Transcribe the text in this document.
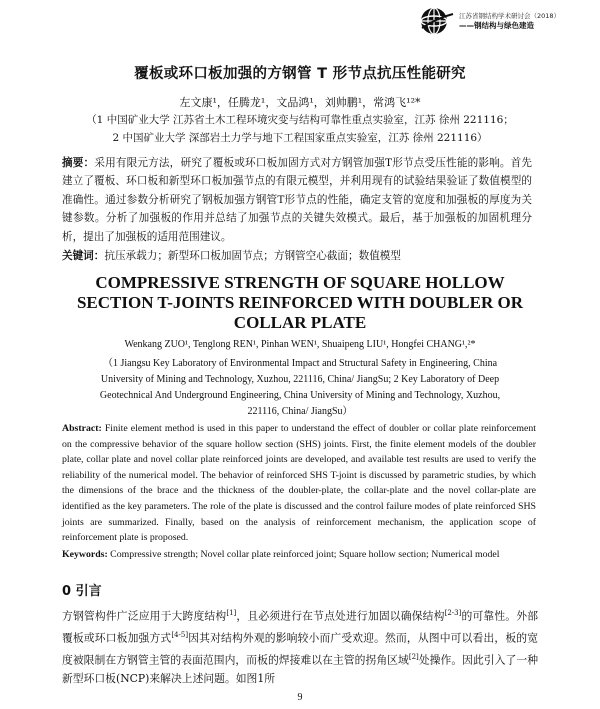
江苏省钢结构学术研讨会（2018）
——钢结构与绿色建造
覆板或环口板加强的方钢管 T 形节点抗压性能研究
左文康¹，任腾龙¹，文品鸿¹，刘帅鹏¹，常鸿飞¹²*
（1 中国矿业大学 江苏省土木工程环境灾变与结构可靠性重点实验室，江苏 徐州 221116；
2 中国矿业大学 深部岩土力学与地下工程国家重点实验室，江苏 徐州 221116）
摘要：采用有限元方法，研究了覆板或环口板加固方式对方钢管加强T形节点受压性能的影响。首先建立了覆板、环口板和新型环口板加强节点的有限元模型，并利用现有的试验结果验证了数值模型的准确性。通过参数分析研究了钢板加强方钢管T形节点的性能，确定支管的宽度和加强板的厚度为关键参数。分析了加强板的作用并总结了加强节点的关键失效模式。最后，基于加强板的加固机理分析，提出了加强板的适用范围建议。
关键词：抗压承载力；新型环口板加固节点；方钢管空心截面；数值模型
COMPRESSIVE STRENGTH OF SQUARE HOLLOW
SECTION T-JOINTS REINFORCED WITH DOUBLER OR
COLLAR PLATE
Wenkang ZUO¹, Tenglong REN¹, Pinhan WEN¹, Shuaipeng LIU¹, Hongfei CHANG¹,²*
（1 Jiangsu Key Laboratory of Environmental Impact and Structural Safety in Engineering, China University of Mining and Technology, Xuzhou, 221116, China/ JiangSu; 2 Key Laboratory of Deep Geotechnical And Underground Engineering, China University of Mining and Technology, Xuzhou, 221116, China/ JiangSu）
Abstract: Finite element method is used in this paper to understand the effect of doubler or collar plate reinforcement on the compressive behavior of the square hollow section (SHS) joints. First, the finite element models of the doubler plate, collar plate and novel collar plate reinforced joints are developed, and available test results are used to verify the reliability of the numerical model. The behavior of reinforced SHS T-joint is discussed by parametric studies, by which the dimensions of the brace and the thickness of the doubler-plate, the collar-plate and the novel collar-plate are identified as the key parameters. The role of the plate is discussed and the control failure modes of plate reinforced SHS joints are summarized. Finally, based on the analysis of reinforcement mechanism, the application scope of reinforcement plate is proposed.
Keywords: Compressive strength; Novel collar plate reinforced joint; Square hollow section; Numerical model
0 引言
方钢管构件广泛应用于大跨度结构[1]，且必须进行在节点处进行加固以确保结构[2-3]的可靠性。外部覆板或环口板加强方式[4-5]因其对结构外观的影响较小而广受欢迎。然而，从图中可以看出，板的宽度被限制在方钢管主管的表面范围内，而板的焊接难以在主管的拐角区域[2]处操作。因此引入了一种新型环口板(NCP)来解决上述问题。如图1所
9
